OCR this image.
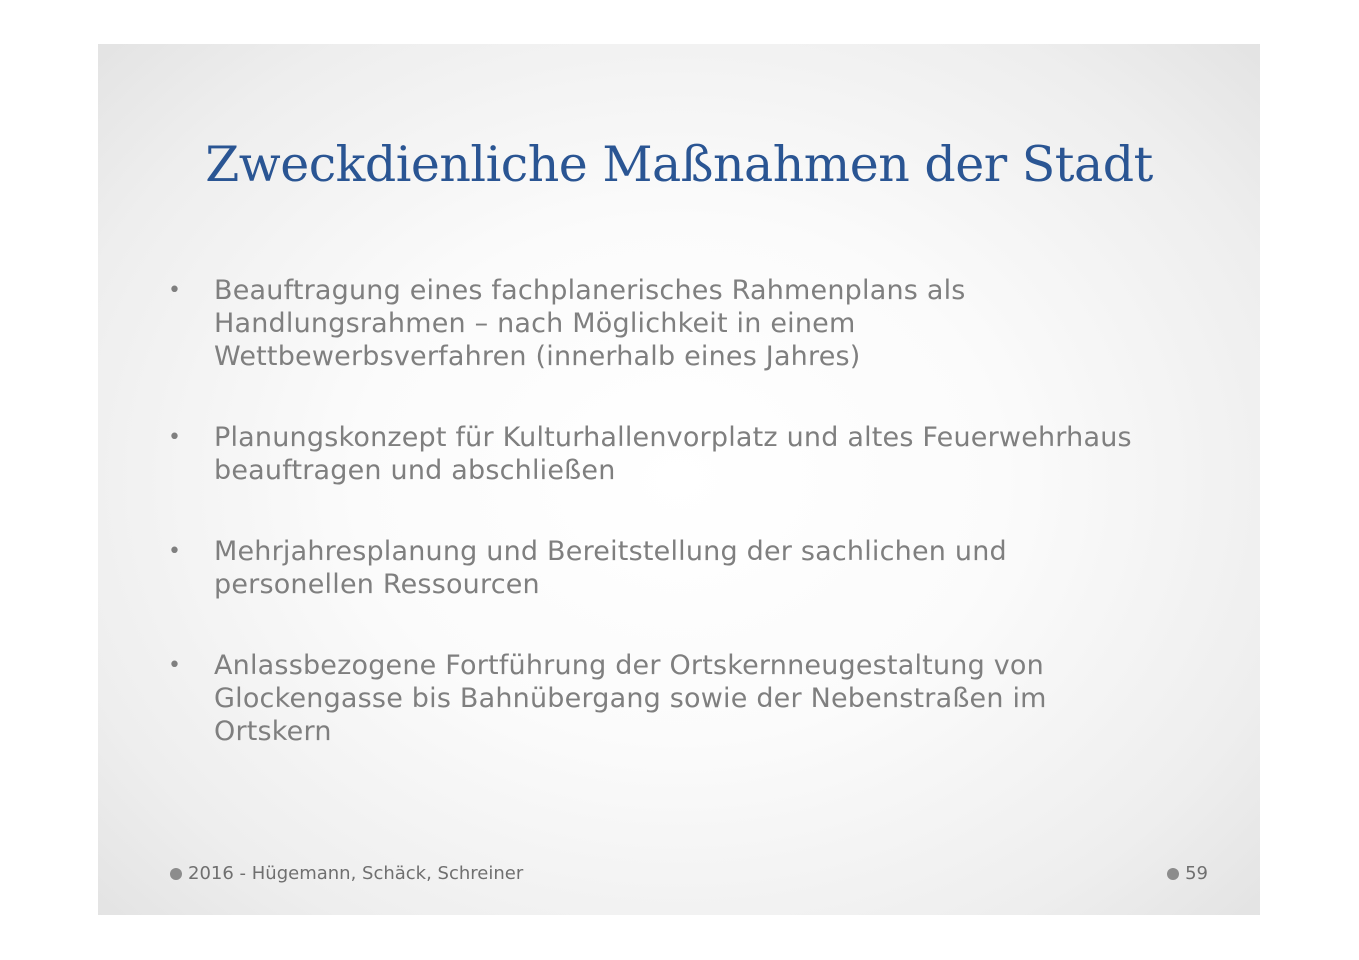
Zweckdienliche Maßnahmen der Stadt
• Beauftragung eines fachplanerisches Rahmenplans als
Handlungsrahmen – nach Möglichkeit in einem
Wettbewerbsverfahren (innerhalb eines Jahres)
• Planungskonzept für Kulturhallenvorplatz und altes Feuerwehrhaus
beauftragen und abschließen
• Mehrjahresplanung und Bereitstellung der sachlichen und
personellen Ressourcen
• Anlassbezogene Fortführung der Ortskernneugestaltung von
Glockengasse bis Bahnübergang sowie der Nebenstraßen im
Ortskern
2016 - Hügemann, Schäck, Schreiner	59
